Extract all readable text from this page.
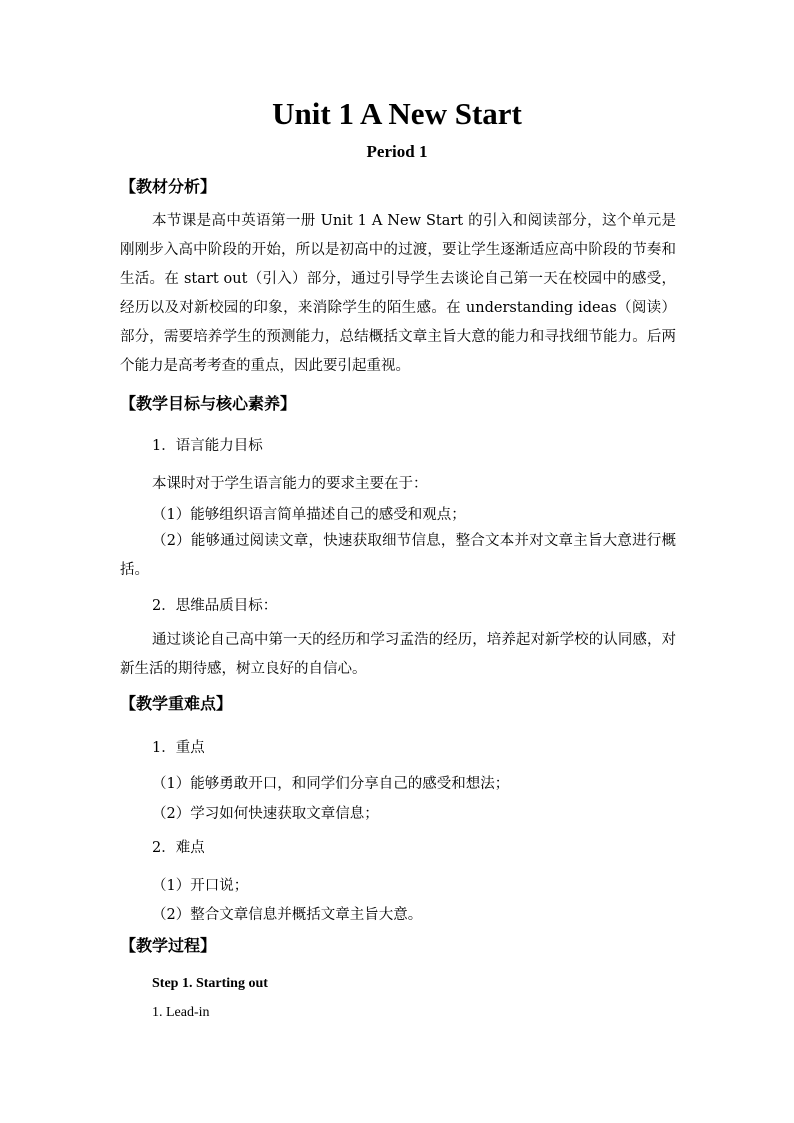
Unit 1 A New Start
Period 1
【教材分析】
本节课是高中英语第一册 Unit 1 A New Start 的引入和阅读部分，这个单元是刚刚步入高中阶段的开始，所以是初高中的过渡，要让学生逐渐适应高中阶段的节奏和生活。在 start out（引入）部分，通过引导学生去谈论自己第一天在校园中的感受，经历以及对新校园的印象，来消除学生的陌生感。在 understanding ideas（阅读）部分，需要培养学生的预测能力，总结概括文章主旨大意的能力和寻找细节能力。后两个能力是高考考查的重点，因此要引起重视。
【教学目标与核心素养】
1．语言能力目标
本课时对于学生语言能力的要求主要在于：
（1）能够组织语言简单描述自己的感受和观点；
（2）能够通过阅读文章，快速获取细节信息，整合文本并对文章主旨大意进行概括。
2．思维品质目标：
通过谈论自己高中第一天的经历和学习孟浩的经历，培养起对新学校的认同感，对新生活的期待感，树立良好的自信心。
【教学重难点】
1．重点
（1）能够勇敢开口，和同学们分享自己的感受和想法；
（2）学习如何快速获取文章信息；
2．难点
（1）开口说；
（2）整合文章信息并概括文章主旨大意。
【教学过程】
Step 1. Starting out
1. Lead-in
